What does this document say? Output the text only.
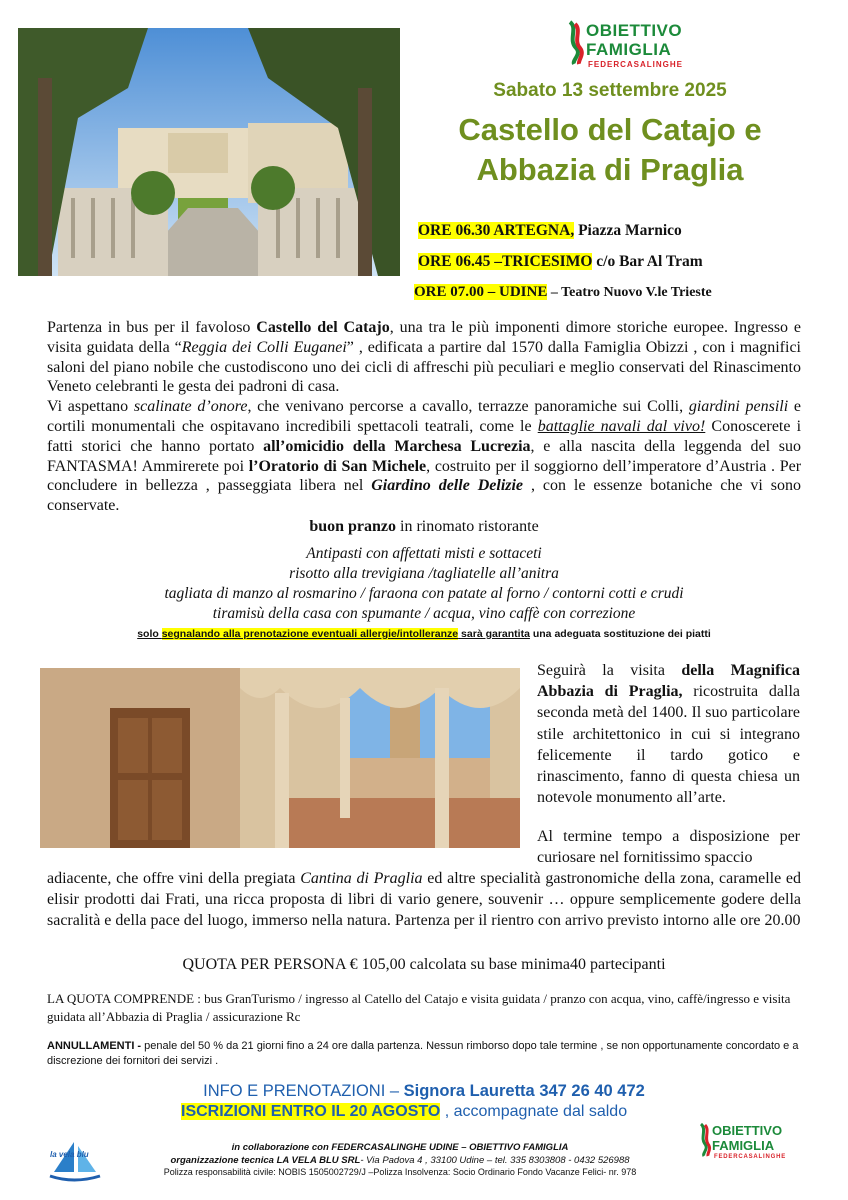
OBIETTIVO
FAMIGLIA
FEDERCASALINGHE
Sabato 13 settembre 2025
Castello del Catajo e
Abbazia di Praglia
ORE 06.30 ARTEGNA, Piazza Marnico
ORE 06.45 –TRICESIMO c/o Bar Al Tram
ORE 07.00 – UDINE – Teatro Nuovo V.le Trieste

Partenza in bus per il favoloso Castello del Catajo, una tra le più imponenti dimore storiche europee. Ingresso e visita guidata della “Reggia dei Colli Euganei” , edificata a partire dal 1570 dalla Famiglia Obizzi , con i magnifici saloni del piano nobile che custodiscono uno dei cicli di affreschi più peculiari e meglio conservati del Rinascimento Veneto celebranti le gesta dei padroni di casa.

Vi aspettano scalinate d’onore, che venivano percorse a cavallo, terrazze panoramiche sui Colli, giardini pensili e cortili monumentali che ospitavano incredibili spettacoli teatrali, come le battaglie navali dal vivo! Conoscerete i fatti storici che hanno portato all’omicidio della Marchesa Lucrezia, e alla nascita della leggenda del suo FANTASMA! Ammirerete poi l’Oratorio di San Michele, costruito per il soggiorno dell’imperatore d’Austria . Per concludere in bellezza , passeggiata libera nel Giardino delle Delizie , con le essenze botaniche che vi sono conservate.

buon pranzo in rinomato ristorante
Antipasti con affettati misti e sottaceti
risotto alla trevigiana /tagliatelle all’anitra
tagliata di manzo al rosmarino / faraona con patate al forno / contorni cotti e crudi
tiramisù della casa con spumante / acqua, vino caffè con correzione
solo segnalando alla prenotazione eventuali allergie/intolleranze sarà garantita una adeguata sostituzione dei piatti
Seguirà la visita della Magnifica Abbazia di Praglia, ricostruita dalla seconda metà del 1400. Il suo particolare stile architettonico in cui si integrano felicemente il tardo gotico e rinascimento, fanno di questa chiesa un notevole monumento all’arte.
Al termine tempo a disposizione per curiosare nel fornitissimo spaccio
adiacente, che offre vini della pregiata Cantina di Praglia ed altre specialità gastronomiche della zona, caramelle ed elisir prodotti dai Frati, una ricca proposta di libri di vario genere, souvenir … oppure semplicemente godere della sacralità e della pace del luogo, immerso nella natura. Partenza per il rientro con arrivo previsto intorno alle ore 20.00
QUOTA PER PERSONA € 105,00 calcolata su base minima40 partecipanti
LA QUOTA COMPRENDE : bus GranTurismo / ingresso al Catello del Catajo e visita guidata / pranzo con acqua, vino, caffè/ingresso e visita guidata all’Abbazia di Praglia / assicurazione Rc
ANNULLAMENTI - penale del 50 % da 21 giorni fino a 24 ore dalla partenza. Nessun rimborso dopo tale termine , se non opportunamente concordato e a discrezione dei fornitori dei servizi .
INFO E PRENOTAZIONI – Signora Lauretta 347 26 40 472
ISCRIZIONI ENTRO IL 20 AGOSTO , accompagnate dal saldo
la vela blu
OBIETTIVO
FAMIGLIA
FEDERCASALINGHE
in collaborazione con FEDERCASALINGHE UDINE – OBIETTIVO FAMIGLIA
organizzazione tecnica LA VELA BLU SRL- Via Padova 4 , 33100 Udine – tel. 335 8303808 - 0432 526988
Polizza responsabilità civile: NOBIS 1505002729/J –Polizza Insolvenza: Socio Ordinario Fondo Vacanze Felici- nr. 978
